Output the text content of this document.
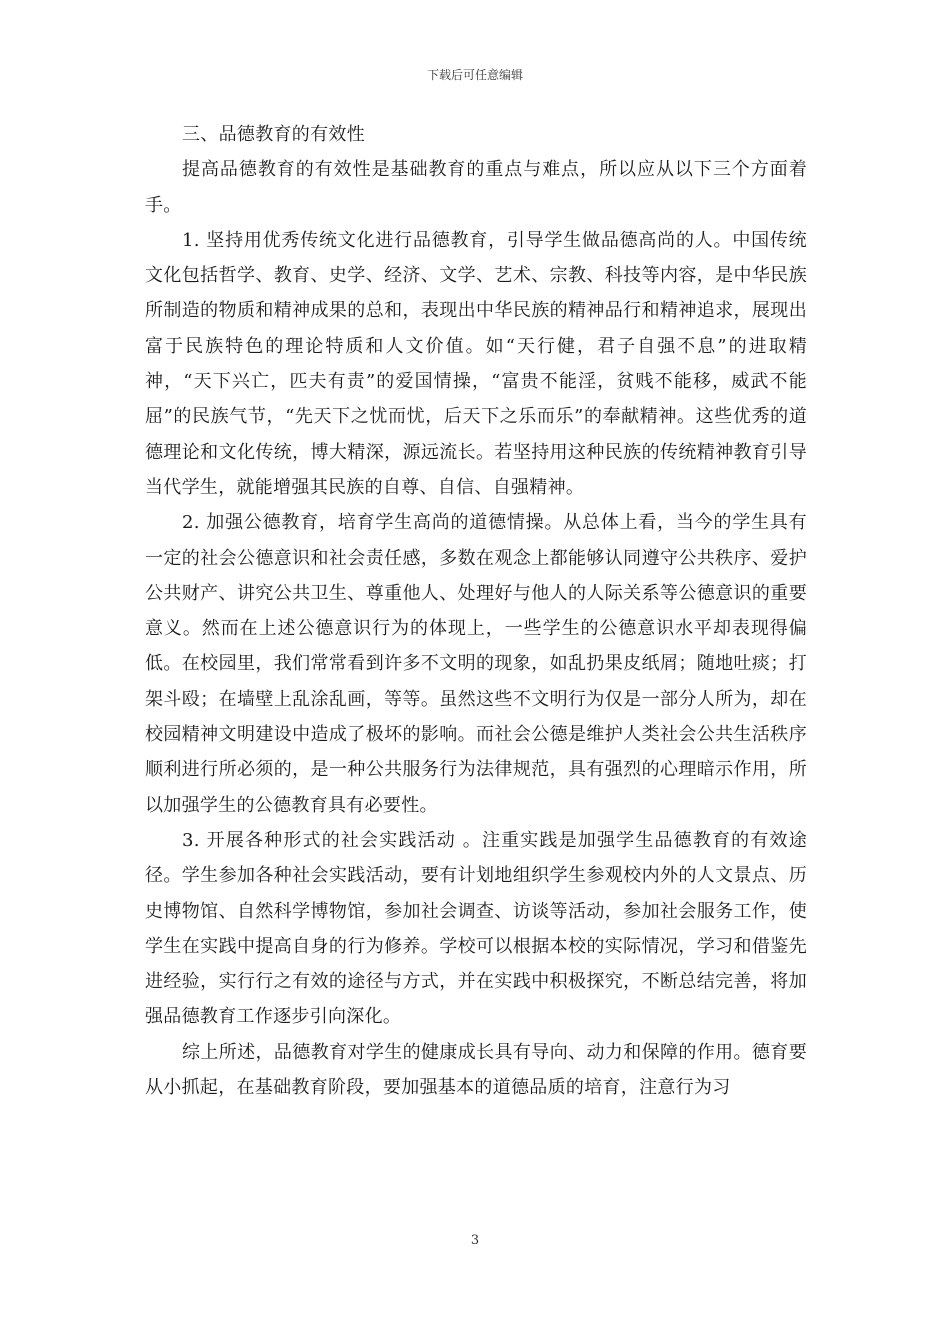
下载后可任意编辑

三、品德教育的有效性

提高品德教育的有效性是基础教育的重点与难点，所以应从以下三个方面着手。

1. 坚持用优秀传统文化进行品德教育，引导学生做品德高尚的人。中国传统文化包括哲学、教育、史学、经济、文学、艺术、宗教、科技等内容，是中华民族所制造的物质和精神成果的总和，表现出中华民族的精神品行和精神追求，展现出富于民族特色的理论特质和人文价值。如“天行健，君子自强不息”的进取精神，“天下兴亡，匹夫有责”的爱国情操，“富贵不能淫，贫贱不能移，威武不能屈”的民族气节，“先天下之忧而忧，后天下之乐而乐”的奉献精神。这些优秀的道德理论和文化传统，博大精深，源远流长。若坚持用这种民族的传统精神教育引导当代学生，就能增强其民族的自尊、自信、自强精神。

2. 加强公德教育，培育学生高尚的道德情操。从总体上看，当今的学生具有一定的社会公德意识和社会责任感，多数在观念上都能够认同遵守公共秩序、爱护公共财产、讲究公共卫生、尊重他人、处理好与他人的人际关系等公德意识的重要意义。然而在上述公德意识行为的体现上，一些学生的公德意识水平却表现得偏低。在校园里，我们常常看到许多不文明的现象，如乱扔果皮纸屑；随地吐痰；打架斗殴；在墙壁上乱涂乱画，等等。虽然这些不文明行为仅是一部分人所为，却在校园精神文明建设中造成了极坏的影响。而社会公德是维护人类社会公共生活秩序顺利进行所必须的，是一种公共服务行为法律规范，具有强烈的心理暗示作用，所以加强学生的公德教育具有必要性。

3. 开展各种形式的社会实践活动 。注重实践是加强学生品德教育的有效途径。学生参加各种社会实践活动，要有计划地组织学生参观校内外的人文景点、历史博物馆、自然科学博物馆，参加社会调查、访谈等活动，参加社会服务工作，使学生在实践中提高自身的行为修养。学校可以根据本校的实际情况，学习和借鉴先进经验，实行行之有效的途径与方式，并在实践中积极探究，不断总结完善，将加强品德教育工作逐步引向深化。

综上所述，品德教育对学生的健康成长具有导向、动力和保障的作用。德育要从小抓起，在基础教育阶段，要加强基本的道德品质的培育，注意行为习

3
